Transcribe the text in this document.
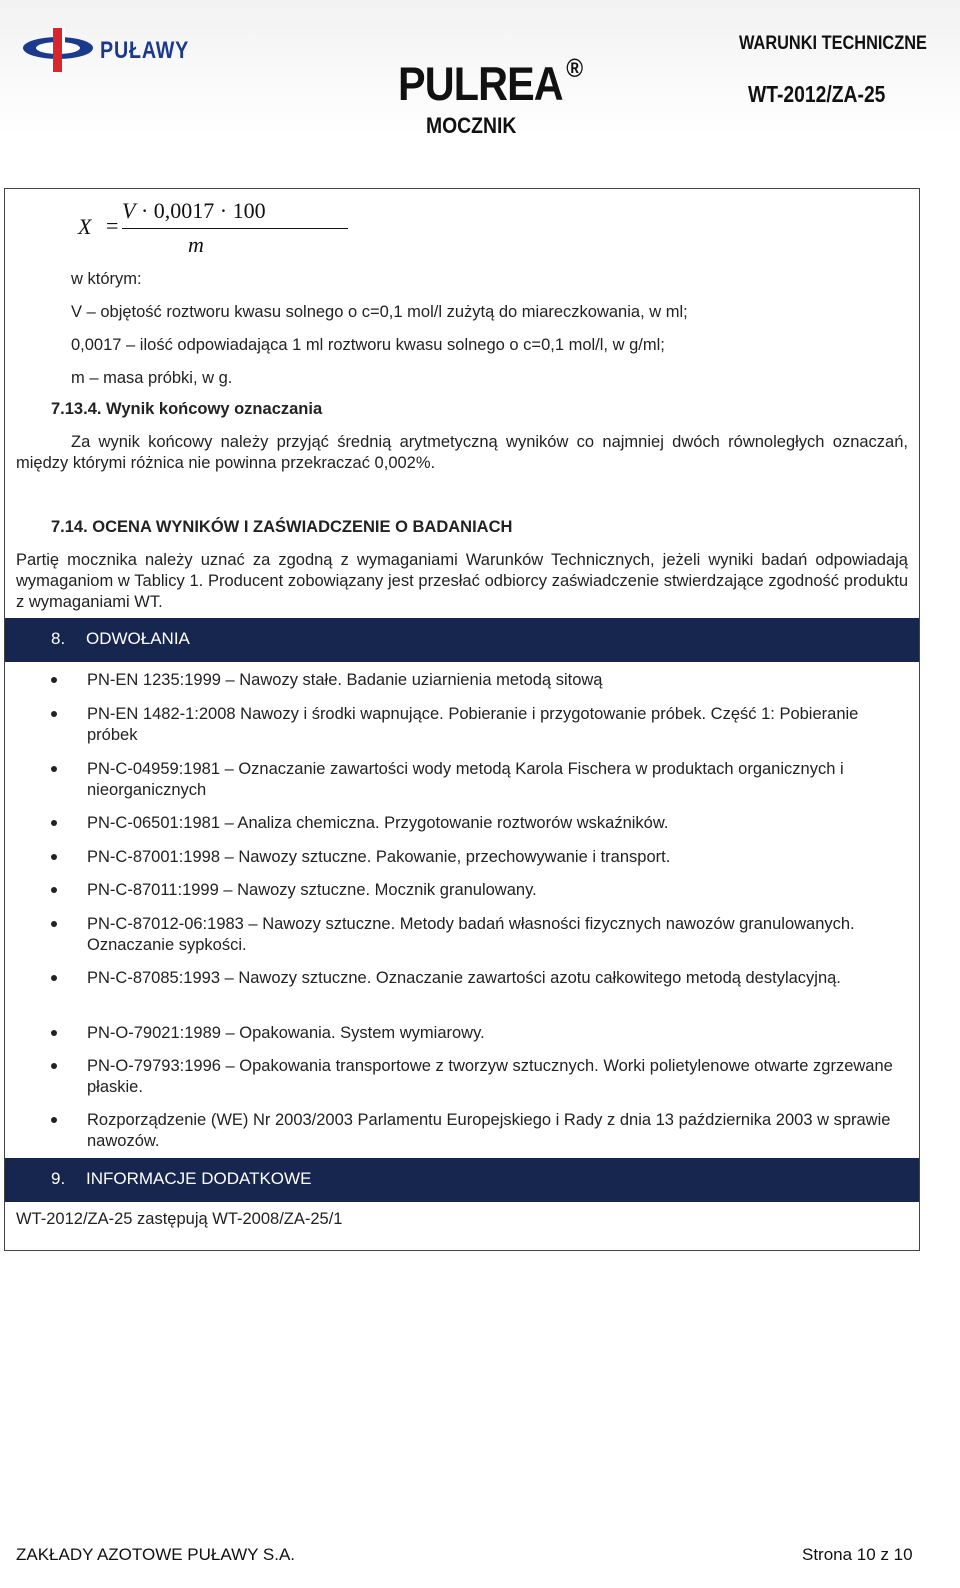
PUŁAWY
PULREA ®
MOCZNIK
WARUNKI TECHNICZNE
WT-2012/ZA-25
X =
V · 0,0017 · 100
m
w którym:
V – objętość roztworu kwasu solnego o c=0,1 mol/l zużytą do miareczkowania, w ml;
0,0017 – ilość odpowiadająca 1 ml roztworu kwasu solnego o c=0,1 mol/l, w g/ml;
m – masa próbki, w g.
7.13.4. Wynik końcowy oznaczania
Za wynik końcowy należy przyjąć średnią arytmetyczną wyników co najmniej dwóch równoległych oznaczań, między którymi różnica nie powinna przekraczać 0,002%.
7.14. OCENA WYNIKÓW I ZAŚWIADCZENIE O BADANIACH
Partię mocznika należy uznać za zgodną z wymaganiami Warunków Technicznych, jeżeli wyniki badań odpowiadają wymaganiom w Tablicy 1. Producent zobowiązany jest przesłać odbiorcy zaświadczenie stwierdzające zgodność produktu z wymaganiami WT.
8. ODWOŁANIA
PN-EN 1235:1999 – Nawozy stałe. Badanie uziarnienia metodą sitową
PN-EN 1482-1:2008 Nawozy i środki wapnujące. Pobieranie i przygotowanie próbek. Część 1: Pobieranie próbek
PN-C-04959:1981 – Oznaczanie zawartości wody metodą Karola Fischera w produktach organicznych i nieorganicznych
PN-C-06501:1981 – Analiza chemiczna. Przygotowanie roztworów wskaźników.
PN-C-87001:1998 – Nawozy sztuczne. Pakowanie, przechowywanie i transport.
PN-C-87011:1999 – Nawozy sztuczne. Mocznik granulowany.
PN-C-87012-06:1983 – Nawozy sztuczne. Metody badań własności fizycznych nawozów granulowanych. Oznaczanie sypkości.
PN-C-87085:1993 – Nawozy sztuczne. Oznaczanie zawartości azotu całkowitego metodą destylacyjną.
PN-O-79021:1989 – Opakowania. System wymiarowy.
PN-O-79793:1996 – Opakowania transportowe z tworzyw sztucznych. Worki polietylenowe otwarte zgrzewane płaskie.
Rozporządzenie (WE) Nr 2003/2003 Parlamentu Europejskiego i Rady z dnia 13 października 2003 w sprawie nawozów.
9. INFORMACJE DODATKOWE
WT-2012/ZA-25 zastępują WT-2008/ZA-25/1
ZAKŁADY AZOTOWE PUŁAWY S.A.	Strona 10 z 10
